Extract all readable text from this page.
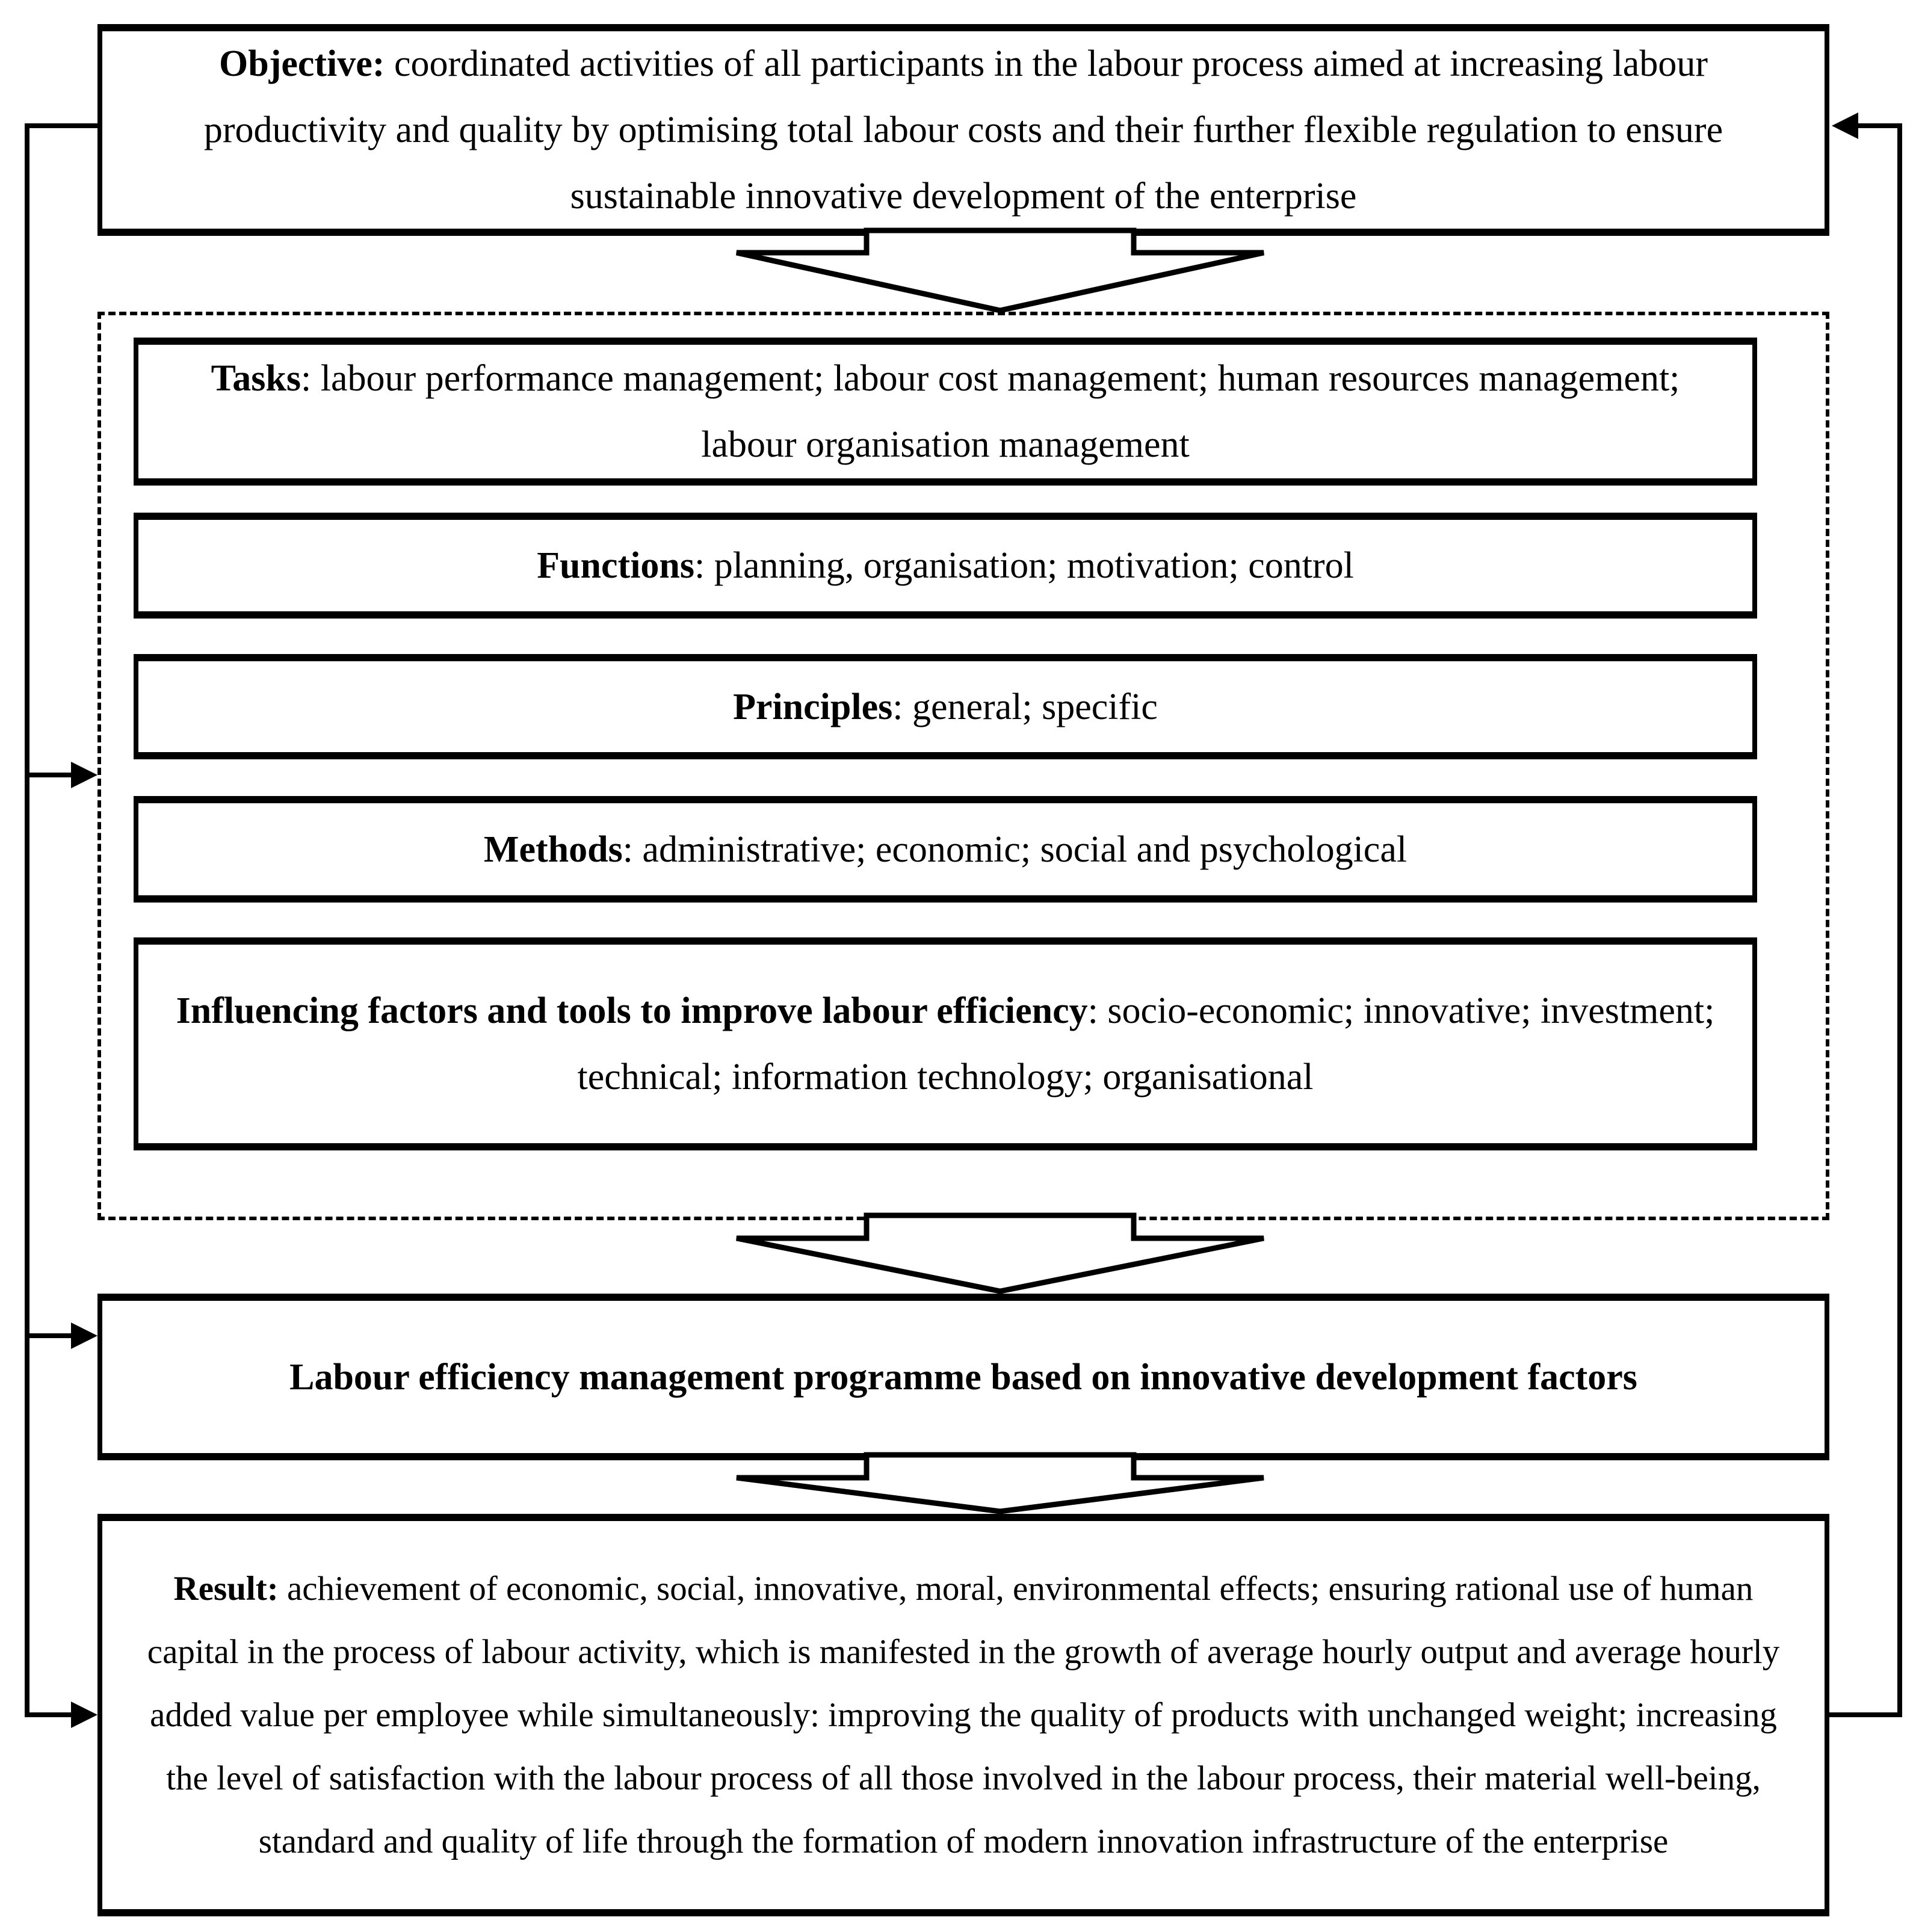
Objective: coordinated activities of all participants in the labour process aimed at increasing labour productivity and quality by optimising total labour costs and their further flexible regulation to ensure sustainable innovative development of the enterprise

Tasks: labour performance management; labour cost management; human resources management; labour organisation management

Functions: planning, organisation; motivation; control

Principles: general; specific

Methods: administrative; economic; social and psychological

Influencing factors and tools to improve labour efficiency: socio-economic; innovative; investment; technical; information technology; organisational

Labour efficiency management programme based on innovative development factors

Result: achievement of economic, social, innovative, moral, environmental effects; ensuring rational use of human capital in the process of labour activity, which is manifested in the growth of average hourly output and average hourly added value per employee while simultaneously: improving the quality of products with unchanged weight; increasing the level of satisfaction with the labour process of all those involved in the labour process, their material well-being, standard and quality of life through the formation of modern innovation infrastructure of the enterprise
